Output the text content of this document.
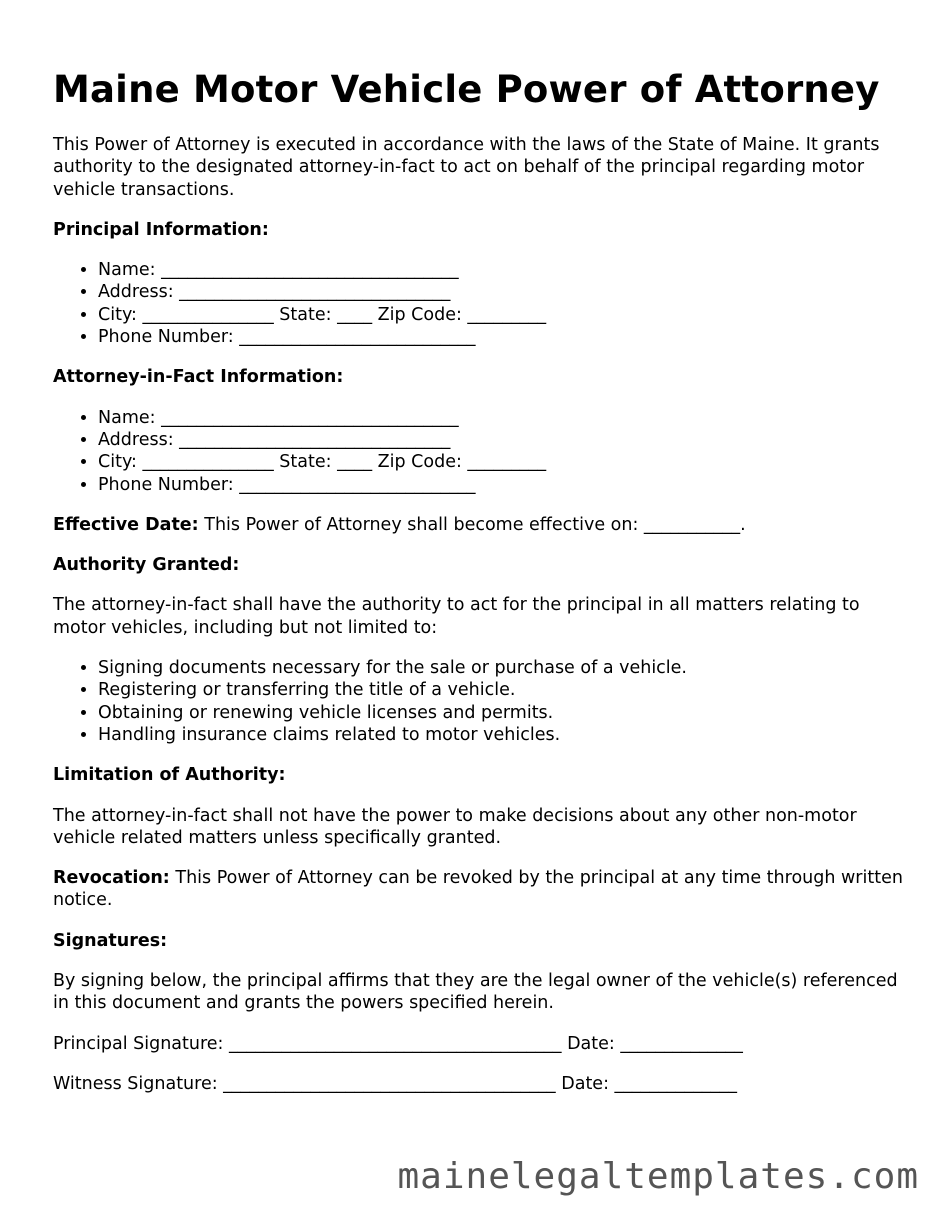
Maine Motor Vehicle Power of Attorney

This Power of Attorney is executed in accordance with the laws of the State of Maine. It grants authority to the designated attorney-in-fact to act on behalf of the principal regarding motor vehicle transactions.

Principal Information:
• Name: __________________________________
• Address: _______________________________
• City: _______________ State: ____ Zip Code: _________
• Phone Number: ___________________________
Attorney-in-Fact Information:
• Name: __________________________________
• Address: _______________________________
• City: _______________ State: ____ Zip Code: _________
• Phone Number: ___________________________

Effective Date: This Power of Attorney shall become effective on: ___________.

Authority Granted:

The attorney-in-fact shall have the authority to act for the principal in all matters relating to motor vehicles, including but not limited to:

• Signing documents necessary for the sale or purchase of a vehicle.
• Registering or transferring the title of a vehicle.
• Obtaining or renewing vehicle licenses and permits.
• Handling insurance claims related to motor vehicles.
Limitation of Authority:

The attorney-in-fact shall not have the power to make decisions about any other non-motor vehicle related matters unless specifically granted.

Revocation: This Power of Attorney can be revoked by the principal at any time through written notice.

Signatures:

By signing below, the principal affirms that they are the legal owner of the vehicle(s) referenced in this document and grants the powers specified herein.

Principal Signature: ______________________________________ Date: ______________

Witness Signature: ______________________________________ Date: ______________

mainelegaltemplates.com
